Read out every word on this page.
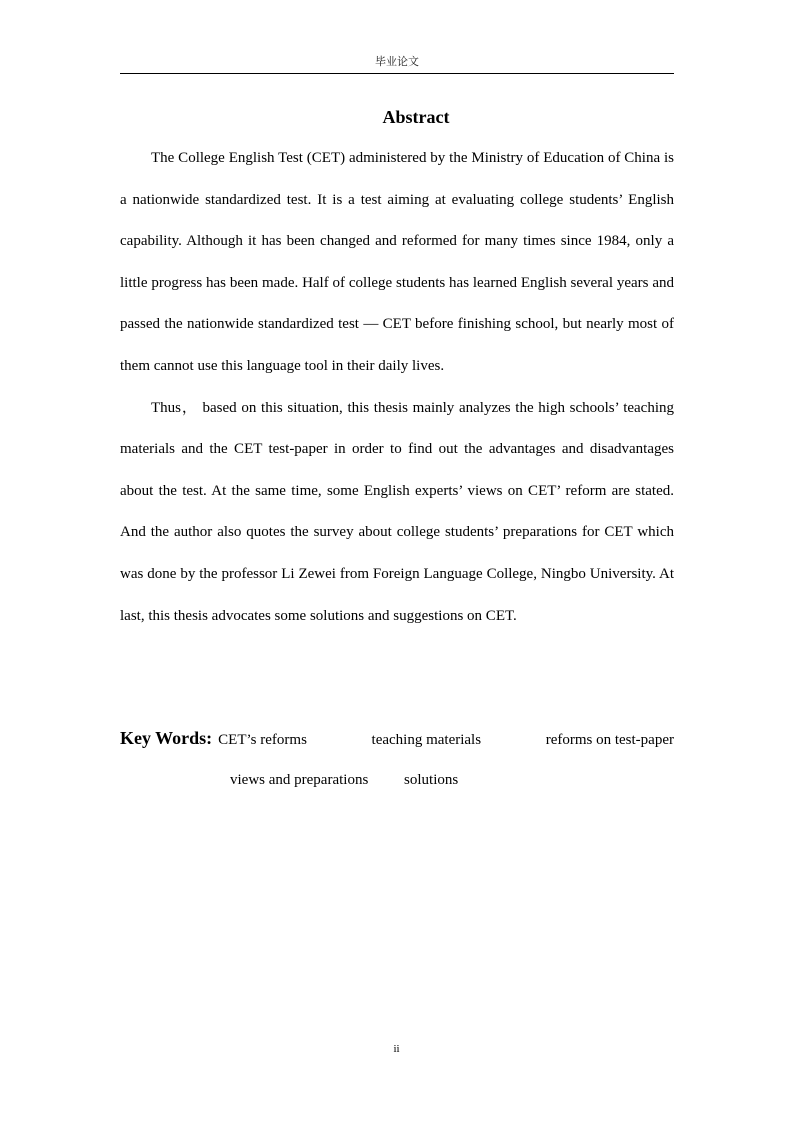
毕业论文
Abstract

The College English Test (CET) administered by the Ministry of Education of China is a nationwide standardized test. It is a test aiming at evaluating college students’ English capability. Although it has been changed and reformed for many times since 1984, only a little progress has been made. Half of college students has learned English several years and passed the nationwide standardized test — CET before finishing school, but nearly most of them cannot use this language tool in their daily lives.

Thus， based on this situation, this thesis mainly analyzes the high schools’ teaching materials and the CET test-paper in order to find out the advantages and disadvantages about the test. At the same time, some English experts’ views on CET’ reform are stated. And the author also quotes the survey about college students’ preparations for CET which was done by the professor Li Zewei from Foreign Language College, Ningbo University. At last, this thesis advocates some solutions and suggestions on CET.

Key Words: CET’s reforms	teaching materials	reforms on test-paper
views and preparations solutions
ii
